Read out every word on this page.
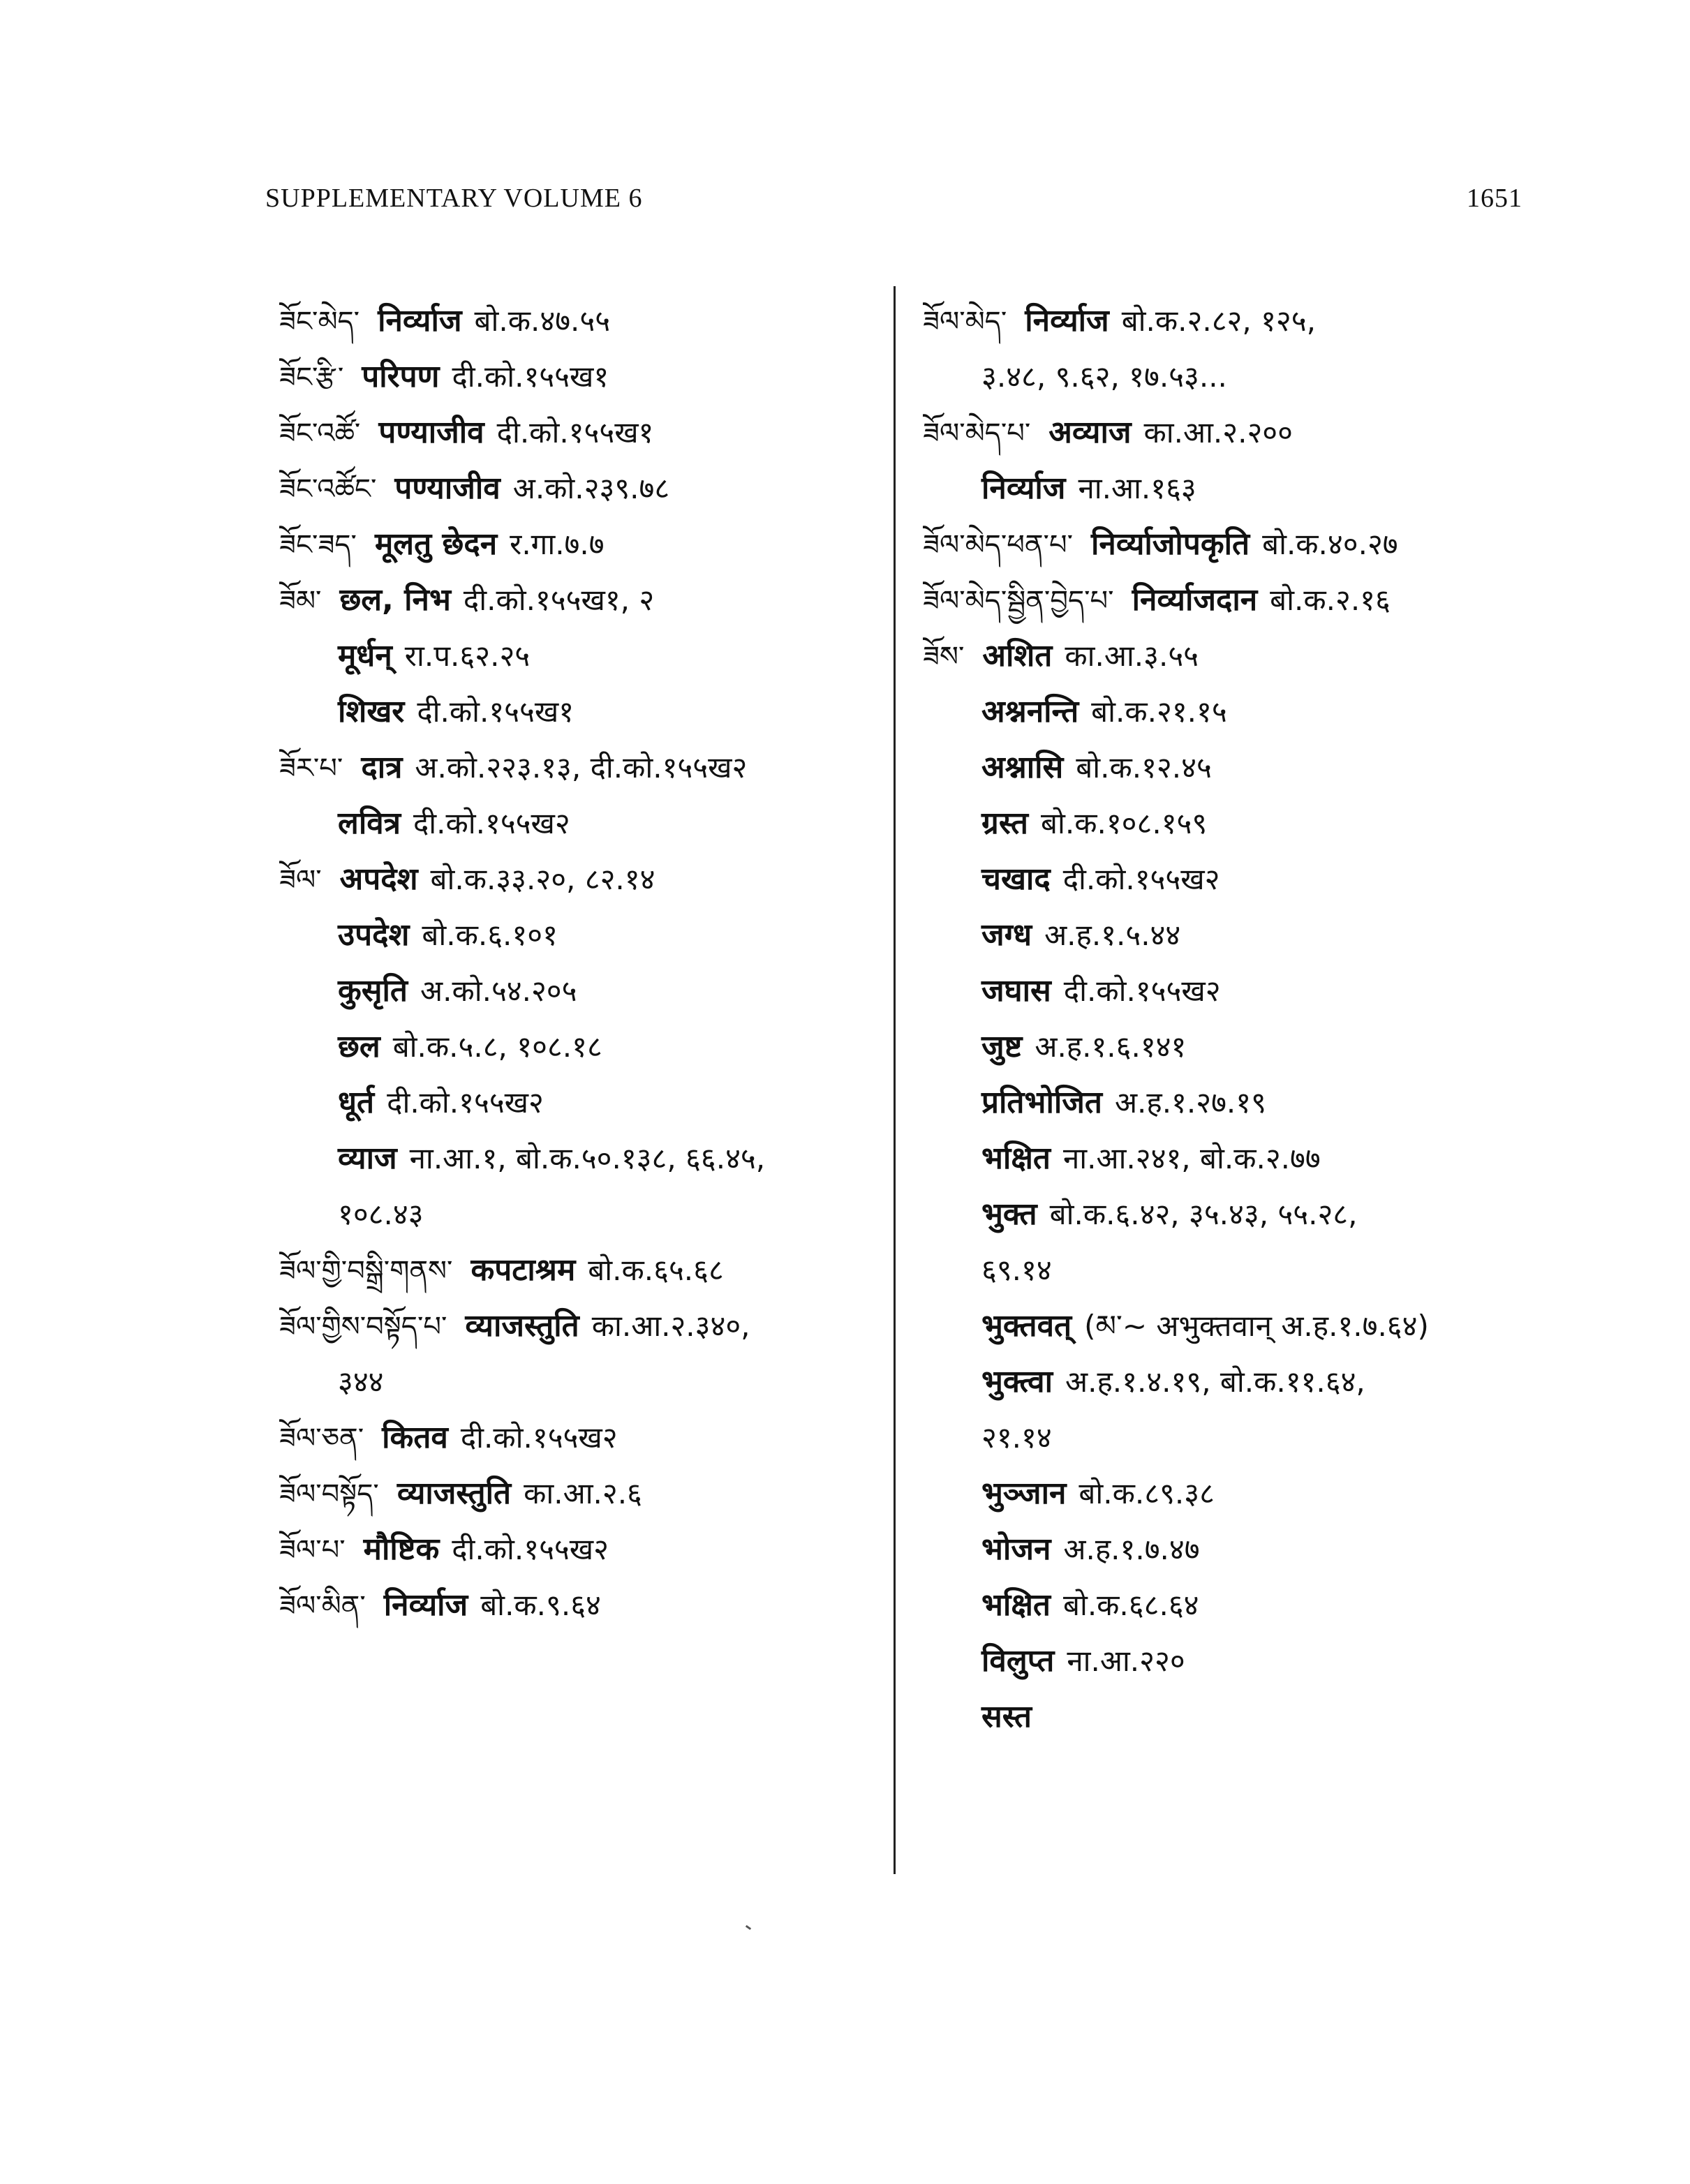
SUPPLEMENTARY VOLUME 6	1651
ཟོང་མེད་ निर्व्याज बो.क.४७.५५
ཟོང་རྩི་ परिपण दी.को.१५५ख१
ཟོང་འཚོ་ पण्याजीव दी.को.१५५ख१
ཟོང་འཚོང་ पण्याजीव अ.को.२३९.७८
ཟོང་ཟད་ मूलतु छेदन र.गा.७.७
ཟོམ་ छल, निभ दी.को.१५५ख१, २
मूर्धन् रा.प.६२.२५
शिखर दी.को.१५५ख१
ཟོར་པ་ दात्र अ.को.२२३.१३, दी.को.१५५ख२
लवित्र दी.को.१५५ख२
ཟོལ་ अपदेश बो.क.३३.२०, ८२.१४
उपदेश बो.क.६.१०१
कुसृति अ.को.५४.२०५
छल बो.क.५.८, १०८.१८
धूर्त दी.को.१५५ख२
व्याज ना.आ.१, बो.क.५०.१३८, ६६.४५,
१०८.४३
ཟོལ་གྱི་བསྒྲི་གནས་ कपटाश्रम बो.क.६५.६८
ཟོལ་གྱིས་བསྟོད་པ་ व्याजस्तुति का.आ.२.३४०,
३४४
ཟོལ་ཅན་ कितव दी.को.१५५ख२
ཟོལ་བསྟོད་ व्याजस्तुति का.आ.२.६
ཟོལ་པ་ मौष्टिक दी.को.१५५ख२
ཟོལ་མིན་ निर्व्याज बो.क.९.६४
ཟོལ་མེད་ निर्व्याज बो.क.२.८२, १२५,
३.४८, ९.६२, १७.५३...
ཟོལ་མེད་པ་ अव्याज का.आ.२.२००
निर्व्याज ना.आ.१६३
ཟོལ་མེད་ཕན་པ་ निर्व्याजोपकृति बो.क.४०.२७
ཟོལ་མེད་སྦྱིན་བྱེད་པ་ निर्व्याजदान बो.क.२.१६
ཟོས་ अशित का.आ.३.५५
अश्ननन्ति बो.क.२१.१५
अश्नासि बो.क.१२.४५
ग्रस्त बो.क.१०८.१५९
चखाद दी.को.१५५ख२
जग्ध अ.ह.१.५.४४
जघास दी.को.१५५ख२
जुष्ट अ.ह.१.६.१४१
प्रतिभोजित अ.ह.१.२७.१९
भक्षित ना.आ.२४१, बो.क.२.७७
भुक्त बो.क.६.४२, ३५.४३, ५५.२८,
६९.१४
भुक्तवत् (མ་~ अभुक्तवान् अ.ह.१.७.६४)
भुक्त्वा अ.ह.१.४.१९, बो.क.११.६४,
२१.१४
भुञ्जान बो.क.८९.३८
भोजन अ.ह.१.७.४७
भक्षित बो.क.६८.६४
विलुप्त ना.आ.२२०
सस्त
